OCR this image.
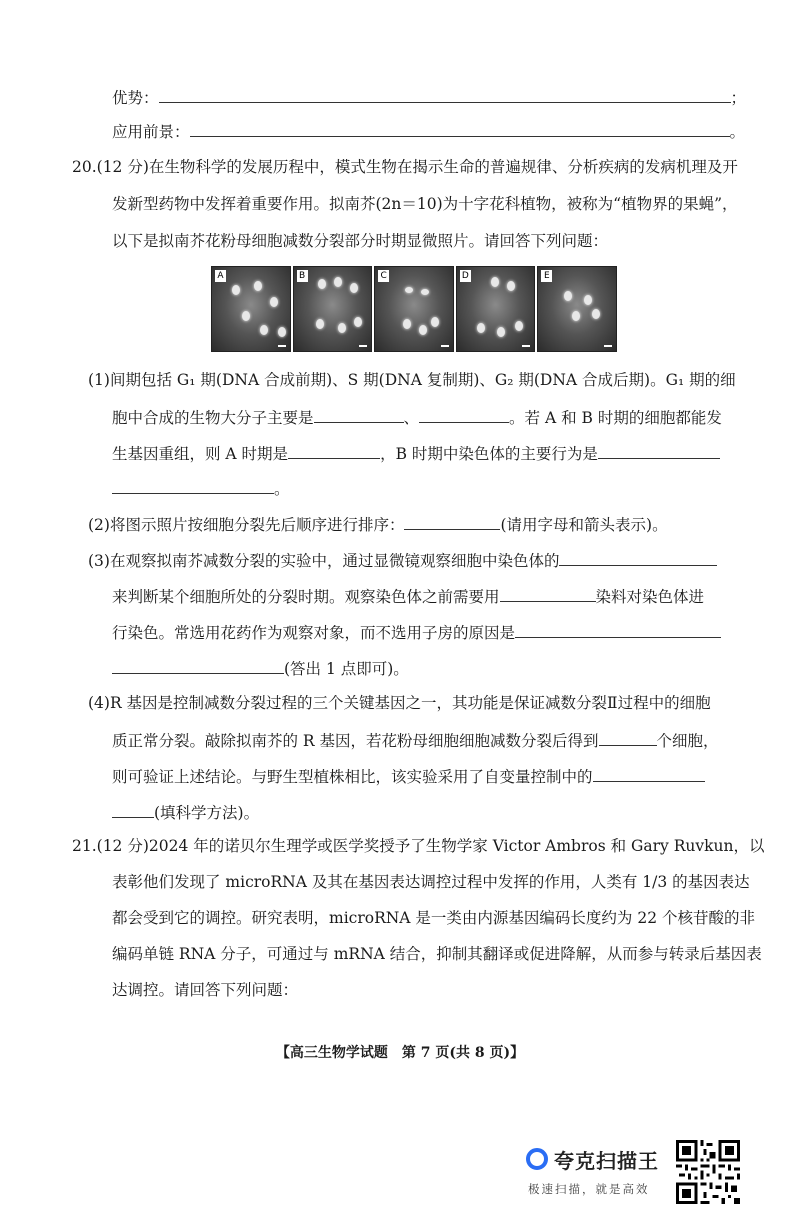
优势：	；
应用前景：	。
20.(12 分)在生物科学的发展历程中，模式生物在揭示生命的普遍规律、分析疾病的发病机理及开
发新型药物中发挥着重要作用。拟南芥(2n＝10)为十字花科植物，被称为“植物界的果蝇”，
以下是拟南芥花粉母细胞减数分裂部分时期显微照片。请回答下列问题：
A	B	C	D	E
(1)间期包括 G₁ 期(DNA 合成前期)、S 期(DNA 复制期)、G₂ 期(DNA 合成后期)。G₁ 期的细
胞中合成的生物大分子主要是	、	。若 A 和 B 时期的细胞都能发
生基因重组，则 A 时期是	，B 时期中染色体的主要行为是
。
(2)将图示照片按细胞分裂先后顺序进行排序：	(请用字母和箭头表示)。
(3)在观察拟南芥减数分裂的实验中，通过显微镜观察细胞中染色体的
来判断某个细胞所处的分裂时期。观察染色体之前需要用	染料对染色体进
行染色。常选用花药作为观察对象，而不选用子房的原因是
(答出 1 点即可)。
(4)R 基因是控制减数分裂过程的三个关键基因之一，其功能是保证减数分裂Ⅱ过程中的细胞
质正常分裂。敲除拟南芥的 R 基因，若花粉母细胞细胞减数分裂后得到	个细胞，
则可验证上述结论。与野生型植株相比，该实验采用了自变量控制中的
(填科学方法)。
21.(12 分)2024 年的诺贝尔生理学或医学奖授予了生物学家 Victor Ambros 和 Gary Ruvkun，以
表彰他们发现了 microRNA 及其在基因表达调控过程中发挥的作用，人类有 1/3 的基因表达
都会受到它的调控。研究表明，microRNA 是一类由内源基因编码长度约为 22 个核苷酸的非
编码单链 RNA 分子，可通过与 mRNA 结合，抑制其翻译或促进降解，从而参与转录后基因表
达调控。请回答下列问题：
【高三生物学试题　第 7 页(共 8 页)】
夸克扫描王
极速扫描，就是高效
